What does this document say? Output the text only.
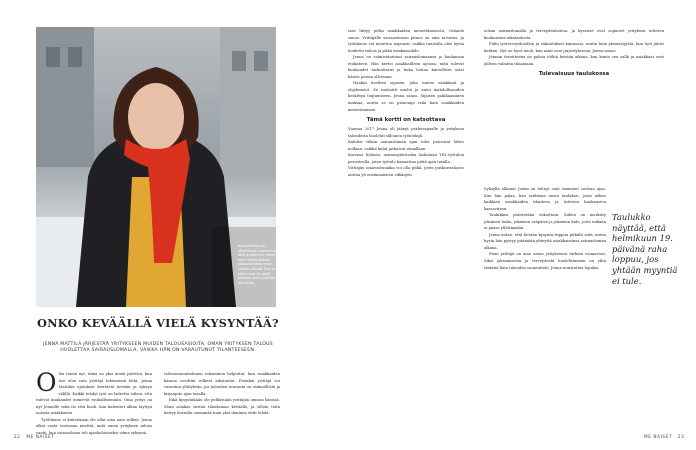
Jenna Mattila on tekemässä huomenna, että jo aiemmin tekee moni asiakkaistaan pääasiallisena ilman yhtään päivää. Kun se tekee isoa on peliä paikalle pieni yrittäjien perustulo.

ONKO KEVÄÄLLÄ VIELÄ KYSYNTÄÄ?

JENNA MATTILA JÄRJESTÄÄ YRITYKSEEN MUIDEN TALOUSASIOITA. OMAN YRITYKSEN TALOUS HUOLETTAA SAIRAUSLOMALLA, VAIKKA HÄN ON VARAUTUNUT TILANTEESEEN.

O len töissä nyt, tämä on yksi niistä päivistä, kun itse olen vain yrittäjä tekemässä töitä. Jenna Mattilan ajatukset kiertävät kevään ja syksyn välillä. Kaikki tehdyt työt on laskettu siihen, että tulevat kuukaudet menevät rauhallisemmin. Oma yritys on nyt Jennalle sekä ilo että huoli, kun kalenteri alkaa täyttyä uusista asiakkaista.

Työtilanne ei kuitenkaan ole ollut aina näin selkeä. Jenna alkoi vasta tosissaan miettiä, mitä oman yrityksen talous vaatii, kun sairausloma tuli ajankohtaiseksi viime syksynä.

taloussuunnitelmien tekeminen helpottui, kun asiakkaiden kanssa sovittiin selkeät aikataulut. Pienikin yrittäjä voi varautua yllätyksiin, jos talouden seuranta on säännöllistä ja kirjanpito ajan tasalla.

Eikä kysyntäkään ole pelkästään yrittäjän omissa käsissä. Moni asiakas siirtää tilauksiaan keväälle, ja silloin töitä kertyy kerralla enemmän kuin yksi ihminen ehtii tehdä.

tase liittyy pelko asiakkaiden menettämisestä, Orlando sanoo. Yrittäjälle sairausloman pituus on aina arvoitus, ja työtilanne voi muuttua nopeasti, vaikka taustalla olisi hyvin hoidettu talous ja pitkä asiakassuhde.

Jenna on valmistautunut sairauslomaansa jo kuukausia etukäteen. Hän kertoi asiakkailleen ajoissa, mitä tulevat kuukaudet tarkoittavat ja kuka hoitaa kiireelliset asiat hänen poissa ollessaan.

Hankin itselleni sijaisen, joka tuntee asiakkaat ja ohjelmistot. Se rauhoitti mieltä ja antoi mahdollisuuden keskittyä toipumiseen, Jenna sanoo. Sijaisen palkkaaminen maksaa, mutta se on pienempi riski kuin asiakkaiden menettäminen.

Tämä kortti on katsottava

Vuonna 2017 Jenna oli jäänyt perhevapaalle ja yrityksen taloudesta huolehti silloinen työntekijä.

Kahden viikon sairausloman ajan tulot putosivat lähes nollaan, vaikka kulut jatkuivat ennallaan.

Korvaus Kelasta: sairauspäiväraha lasketaan YEL-työtulon perusteella, joten työtulo kannattaa pitää ajan tasalla.

Yrittäjän omavastuuaika voi olla pitkä, joten puskurirahasto auttaa yli ensimmäisten viikkojen.

ockan sairauslomalla ja terveydenhoitoa, ja kyseiset ovat sopineet yrityksen tulevien kuukausien aikataulusta.

Pidin työterveyshuollon ja vakuutukset kunnossa, mutta koin yksinäisyyttä, kun työt jäivät kesken. Nyt on hyvä mieli, kun asiat ovat järjestyksessä, Jenna sanoo.

Jennan tavoitteena on palata töihin kevään aikana, kun kunto sen sallii ja asiakkaat ovat jälleen valmiita tilaamaan.

Tulevaisuus taulukossa

Syksyllä alkanut Jenna on tehnyt vain siemenet sovitun ajan. Kun hän palaa, hän tarkistaa ensin taulukon, josta näkee kaikkien asiakkaiden tilanteen ja tulevien kuukausien kassavirran.

Taulukkoa päivitetään viikoittain. Siihen on merkitty jokainen lasku, jokainen eräpäivä ja jokainen kulu, jotta mikään ei pääse yllättämään.

Jenna uskoo, että kevään kysyntä riippuu pitkälti siitä, miten hyvin hän pystyy pitämään yhteyttä asiakkaisiinsa sairausloman aikana.

Pieni yrittäjä on aina oman yrityksensä tärkein voimavara. Siksi jaksamisesta ja terveydestä huolehtiminen on yhtä tärkeää kuin talouden suunnittelu, Jenna muistuttaa lopuksi.

Taulukko näyttää, että helmikuun 19. päivänä raha loppuu, jos yhtään myyntiä ei tule.

22 ME NAISET	ME NAISET 23
